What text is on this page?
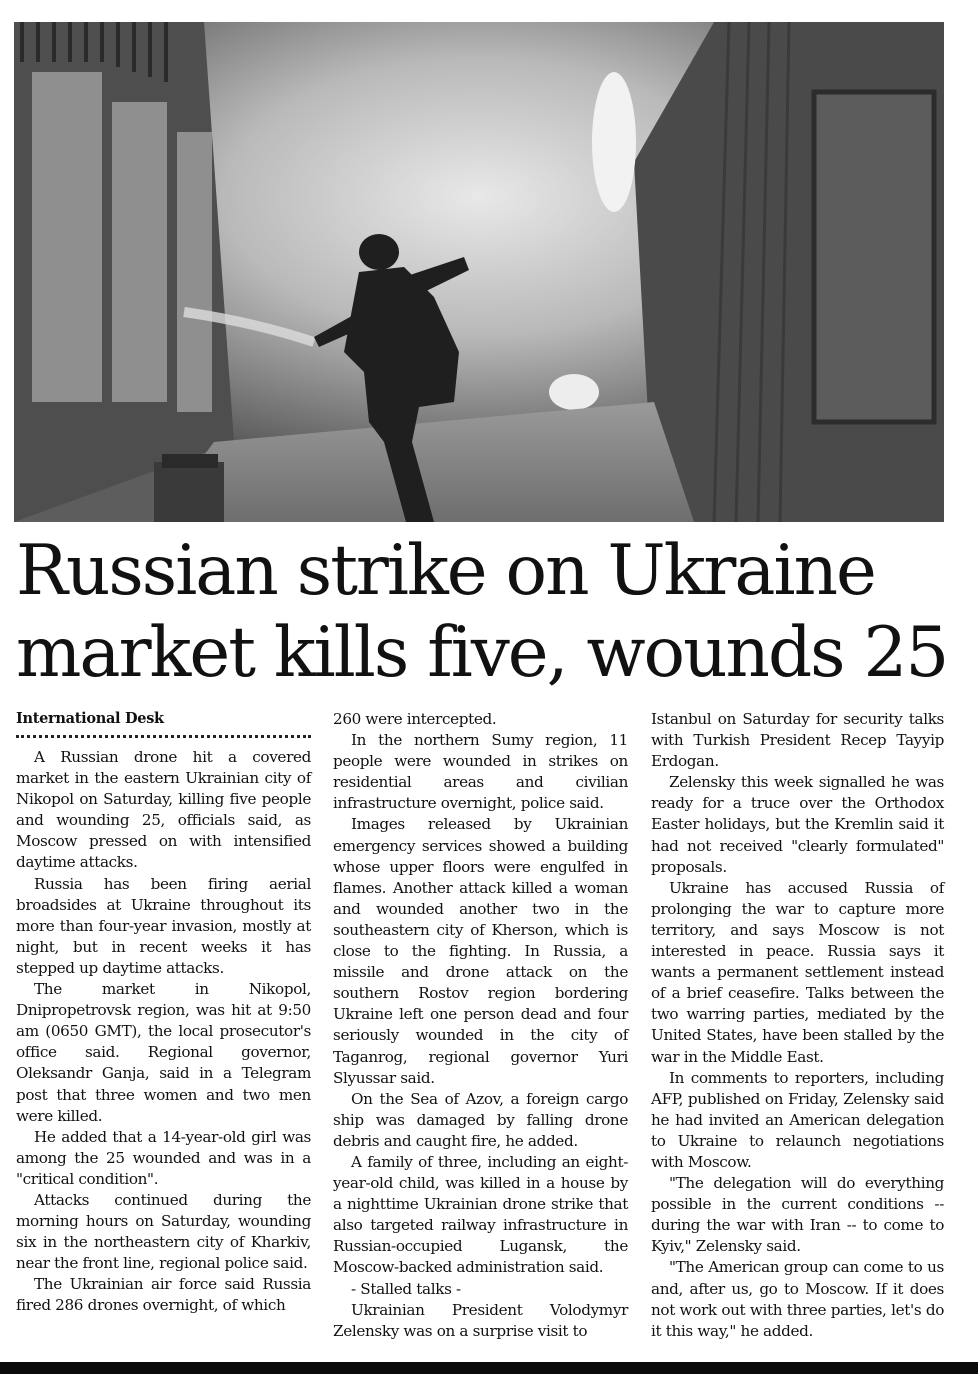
Russian strike on Ukraine
market kills five, wounds 25

International Desk

A Russian drone hit a covered market in the eastern Ukrainian city of Nikopol on Saturday, killing five people and wounding 25, officials said, as Moscow pressed on with intensified daytime attacks.

Russia has been firing aerial broadsides at Ukraine throughout its more than four-year invasion, mostly at night, but in recent weeks it has stepped up daytime attacks.

The market in Nikopol, Dnipropetrovsk region, was hit at 9:50 am (0650 GMT), the local prosecutor's office said. Regional governor, Oleksandr Ganja, said in a Telegram post that three women and two men were killed.

He added that a 14-year-old girl was among the 25 wounded and was in a "critical condition".

Attacks continued during the morning hours on Saturday, wounding six in the northeastern city of Kharkiv, near the front line, regional police said.

The Ukrainian air force said Russia fired 286 drones overnight, of which

260 were intercepted.

In the northern Sumy region, 11 people were wounded in strikes on residential areas and civilian infrastructure overnight, police said.

Images released by Ukrainian emergency services showed a building whose upper floors were engulfed in flames. Another attack killed a woman and wounded another two in the southeastern city of Kherson, which is close to the fighting. In Russia, a missile and drone attack on the southern Rostov region bordering Ukraine left one person dead and four seriously wounded in the city of Taganrog, regional governor Yuri Slyussar said.

On the Sea of Azov, a foreign cargo ship was damaged by falling drone debris and caught fire, he added.

A family of three, including an eight-year-old child, was killed in a house by a nighttime Ukrainian drone strike that also targeted railway infrastructure in Russian-occupied Lugansk, the Moscow-backed administration said.

- Stalled talks -

Ukrainian President Volodymyr Zelensky was on a surprise visit to

Istanbul on Saturday for security talks with Turkish President Recep Tayyip Erdogan.

Zelensky this week signalled he was ready for a truce over the Orthodox Easter holidays, but the Kremlin said it had not received "clearly formulated" proposals.

Ukraine has accused Russia of prolonging the war to capture more territory, and says Moscow is not interested in peace. Russia says it wants a permanent settlement instead of a brief ceasefire. Talks between the two warring parties, mediated by the United States, have been stalled by the war in the Middle East.

In comments to reporters, including AFP, published on Friday, Zelensky said he had invited an American delegation to Ukraine to relaunch negotiations with Moscow.

"The delegation will do everything possible in the current conditions -- during the war with Iran -- to come to Kyiv," Zelensky said.

"The American group can come to us and, after us, go to Moscow. If it does not work out with three parties, let's do it this way," he added.
